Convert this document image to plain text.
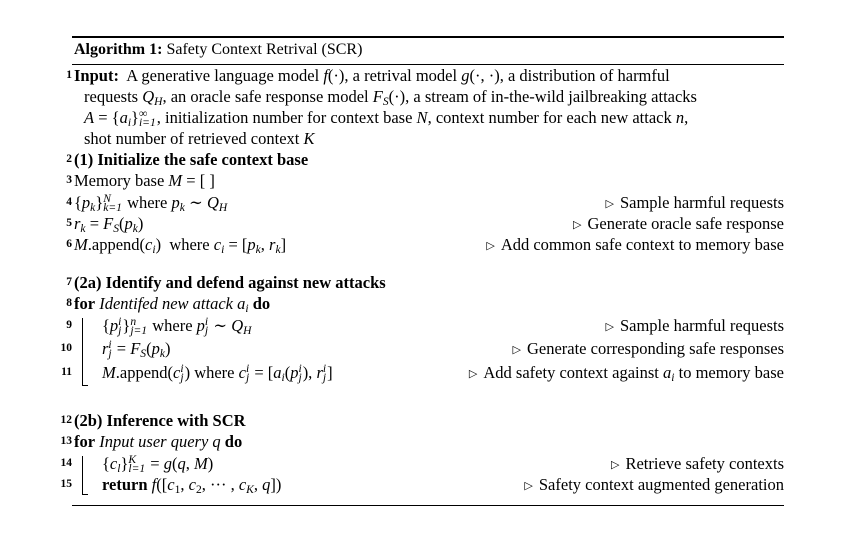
Algorithm 1: Safety Context Retrival (SCR)
1 Input:  A generative language model f(·), a retrival model g(·, ·), a distribution of harmful
requests $Q_H$, an oracle safe response model $F_S(\cdot)$, a stream of in-the-wild jailbreaking attacks
$A = \{a_i\}$ ∞
i=1 , initialization number for context base N, context number for each new attack n,
shot number of retrieved context K
2 (1) Initialize the safe context base
3 Memory base M = [ ]
4 $\{p_k\}$ N
k=1 where $p_k$ ∼ $Q_H$	▷ Sample harmful requests
5 $r_k = F_S(p_k)$	▷ Generate oracle safe response
6 $M.append(c_i)$  where $c_i = [p_k$, $r_k$]	▷ Add common safe context to memory base
7 (2a) Identify and defend against new attacks
8 for Identifed new attack $a_i$ do
9 {p i
j } n
j=1 where p i
j ∼ $Q_H$	▷ Sample harmful requests
10 r i
$j = F_S(p_k)$	▷ Generate corresponding safe responses
11 M.append(c i
j ) where c i
$j = [a_i(p$ i
j ), r i
j ]	▷ Add safety context against $a_i$ to memory base
12 (2b) Inference with SCR
13 for Input user query q do
14 $\{c_l\}$ K
l=1 = g(q, M)	▷ Retrieve safety contexts
15 return $f([c_1$, $c_2$, ··· , $c_K$, q])	▷ Safety context augmented generation
